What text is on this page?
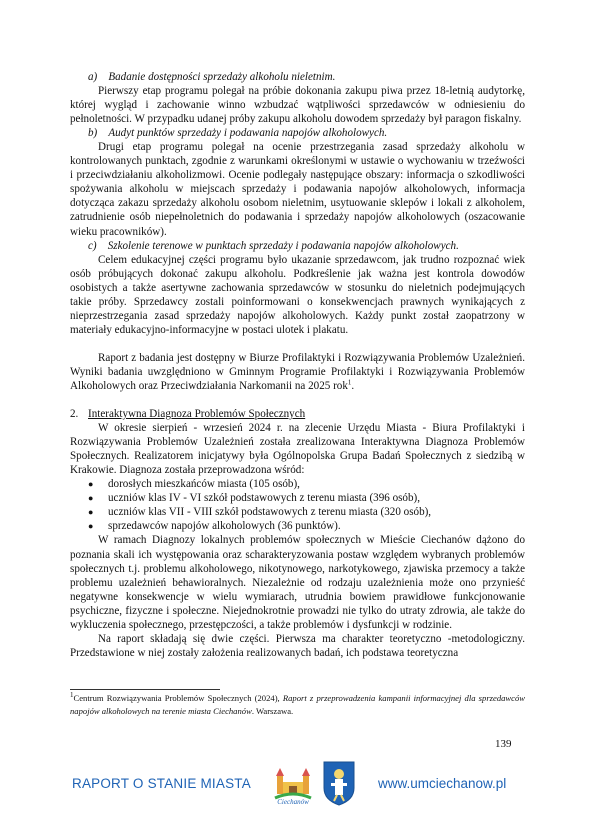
a) Badanie dostępności sprzedaży alkoholu nieletnim.

Pierwszy etap programu polegał na próbie dokonania zakupu piwa przez 18-letnią audytorkę, której wygląd i zachowanie winno wzbudzać wątpliwości sprzedawców w odniesieniu do pełnoletności. W przypadku udanej próby zakupu alkoholu dowodem sprzedaży był paragon fiskalny.

b) Audyt punktów sprzedaży i podawania napojów alkoholowych.

Drugi etap programu polegał na ocenie przestrzegania zasad sprzedaży alkoholu w kontrolowanych punktach, zgodnie z warunkami określonymi w ustawie o wychowaniu w trzeźwości i przeciwdziałaniu alkoholizmowi. Ocenie podlegały następujące obszary: informacja o szkodliwości spożywania alkoholu w miejscach sprzedaży i podawania napojów alkoholowych, informacja dotycząca zakazu sprzedaży alkoholu osobom nieletnim, usytuowanie sklepów i lokali z alkoholem, zatrudnienie osób niepełnoletnich do podawania i sprzedaży napojów alkoholowych (oszacowanie wieku pracowników).

c) Szkolenie terenowe w punktach sprzedaży i podawania napojów alkoholowych.

Celem edukacyjnej części programu było ukazanie sprzedawcom, jak trudno rozpoznać wiek osób próbujących dokonać zakupu alkoholu. Podkreślenie jak ważna jest kontrola dowodów osobistych a także asertywne zachowania sprzedawców w stosunku do nieletnich podejmujących takie próby. Sprzedawcy zostali poinformowani o konsekwencjach prawnych wynikających z nieprzestrzegania zasad sprzedaży napojów alkoholowych. Każdy punkt został zaopatrzony w materiały edukacyjno-informacyjne w postaci ulotek i plakatu.

Raport z badania jest dostępny w Biurze Profilaktyki i Rozwiązywania Problemów Uzależnień. Wyniki badania uwzględniono w Gminnym Programie Profilaktyki i Rozwiązywania Problemów Alkoholowych oraz Przeciwdziałania Narkomanii na 2025 rok$^1$.

2. Interaktywna Diagnoza Problemów Społecznych

W okresie sierpień - wrzesień 2024 r. na zlecenie Urzędu Miasta - Biura Profilaktyki i Rozwiązywania Problemów Uzależnień została zrealizowana Interaktywna Diagnoza Problemów Społecznych. Realizatorem inicjatywy była Ogólnopolska Grupa Badań Społecznych z siedzibą w Krakowie. Diagnoza została przeprowadzona wśród:

●	dorosłych mieszkańców miasta (105 osób),
●	uczniów klas IV - VI szkół podstawowych z terenu miasta (396 osób),
●	uczniów klas VII - VIII szkół podstawowych z terenu miasta (320 osób),
●	sprzedawców napojów alkoholowych (36 punktów).

W ramach Diagnozy lokalnych problemów społecznych w Mieście Ciechanów dążono do poznania skali ich występowania oraz scharakteryzowania postaw względem wybranych problemów społecznych t.j. problemu alkoholowego, nikotynowego, narkotykowego, zjawiska przemocy a także problemu uzależnień behawioralnych. Niezależnie od rodzaju uzależnienia może ono przynieść negatywne konsekwencje w wielu wymiarach, utrudnia bowiem prawidłowe funkcjonowanie psychiczne, fizyczne i społeczne. Niejednokrotnie prowadzi nie tylko do utraty zdrowia, ale także do wykluczenia społecznego, przestępczości, a także problemów i dysfunkcji w rodzinie.

Na raport składają się dwie części. Pierwsza ma charakter teoretyczno -metodologiczny. Przedstawione w niej zostały założenia realizowanych badań, ich podstawa teoretyczna

$^1$Centrum Rozwiązywania Problemów Społecznych (2024), Raport z przeprowadzenia kampanii informacyjnej dla sprzedawców napojów alkoholowych na terenie miasta Ciechanów. Warszawa.
139
RAPORT O STANIE MIASTA
Ciechanów
www.umciechanow.pl
